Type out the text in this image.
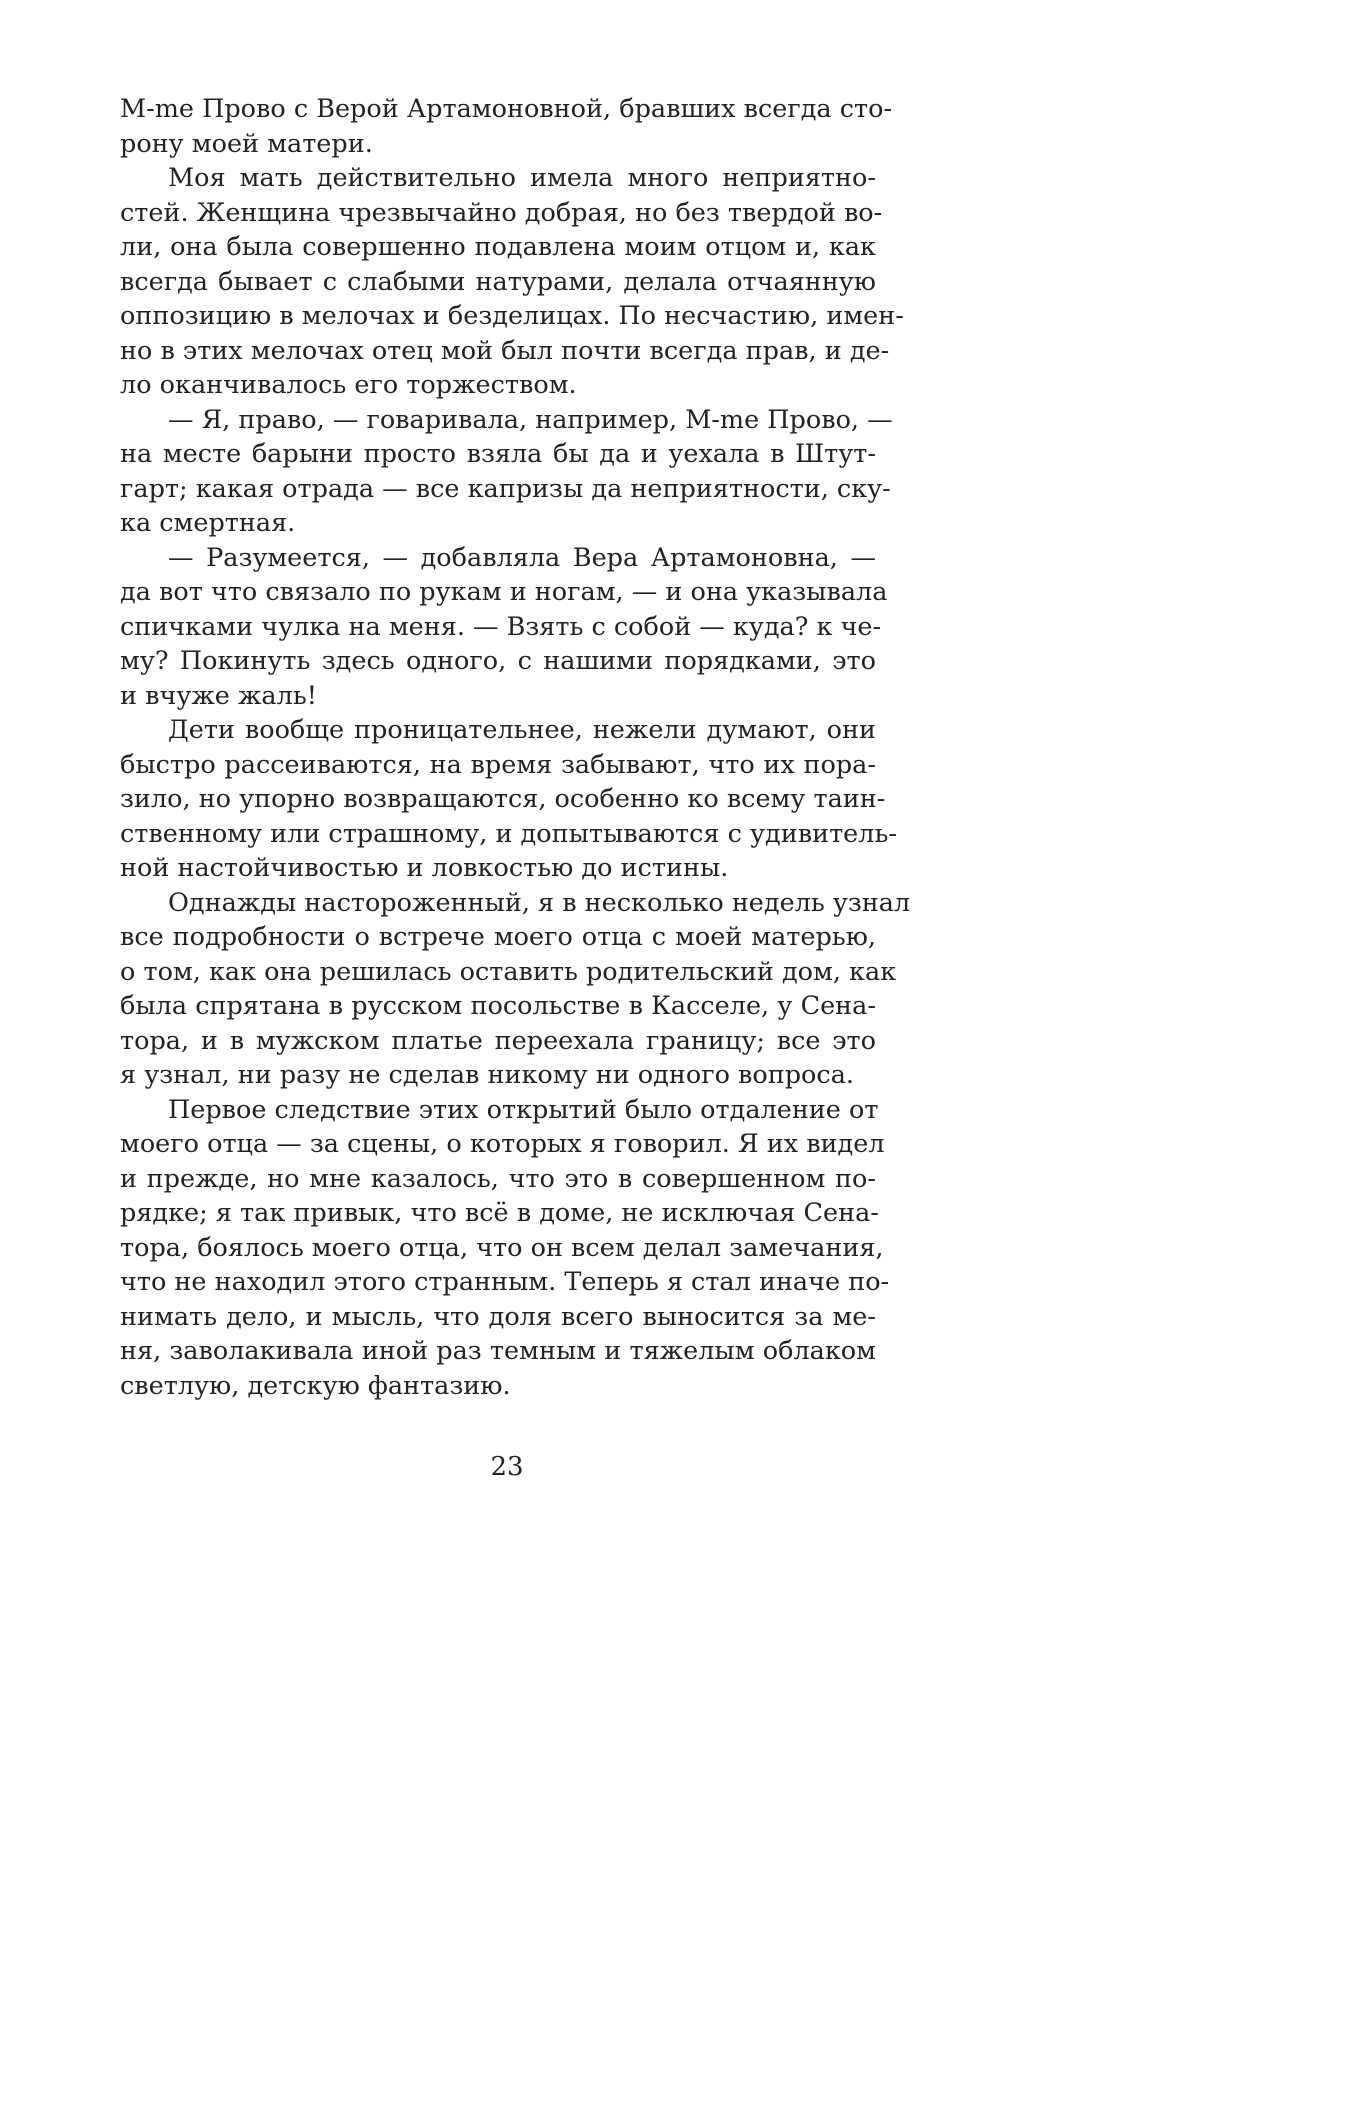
M-me Прово с Верой Артамоновной, бравших всегда сто-
рону моей матери.
Моя мать действительно имела много неприятно-
стей. Женщина чрезвычайно добрая, но без твердой во-
ли, она была совершенно подавлена моим отцом и, как
всегда бывает с слабыми натурами, делала отчаянную
оппозицию в мелочах и безделицах. По несчастию, имен-
но в этих мелочах отец мой был почти всегда прав, и де-
ло оканчивалось его торжеством.
— Я, право, — говаривала, например, M-me Прово, —
на месте барыни просто взяла бы да и уехала в Штут-
гарт; какая отрада — все капризы да неприятности, ску-
ка смертная.
— Разумеется, — добавляла Вера Артамоновна, —
да вот что связало по рукам и ногам, — и она указывала
спичками чулка на меня. — Взять с собой — куда? к че-
му? Покинуть здесь одного, с нашими порядками, это
и вчуже жаль!
Дети вообще проницательнее, нежели думают, они
быстро рассеиваются, на время забывают, что их пора-
зило, но упорно возвращаются, особенно ко всему таин-
ственному или страшному, и допытываются с удивитель-
ной настойчивостью и ловкостью до истины.
Однажды настороженный, я в несколько недель узнал
все подробности о встрече моего отца с моей матерью,
о том, как она решилась оставить родительский дом, как
была спрятана в русском посольстве в Касселе, у Сена-
тора, и в мужском платье переехала границу; все это
я узнал, ни разу не сделав никому ни одного вопроса.
Первое следствие этих открытий было отдаление от
моего отца — за сцены, о которых я говорил. Я их видел
и прежде, но мне казалось, что это в совершенном по-
рядке; я так привык, что всё в доме, не исключая Сена-
тора, боялось моего отца, что он всем делал замечания,
что не находил этого странным. Теперь я стал иначе по-
нимать дело, и мысль, что доля всего выносится за ме-
ня, заволакивала иной раз темным и тяжелым облаком
светлую, детскую фантазию.
23
